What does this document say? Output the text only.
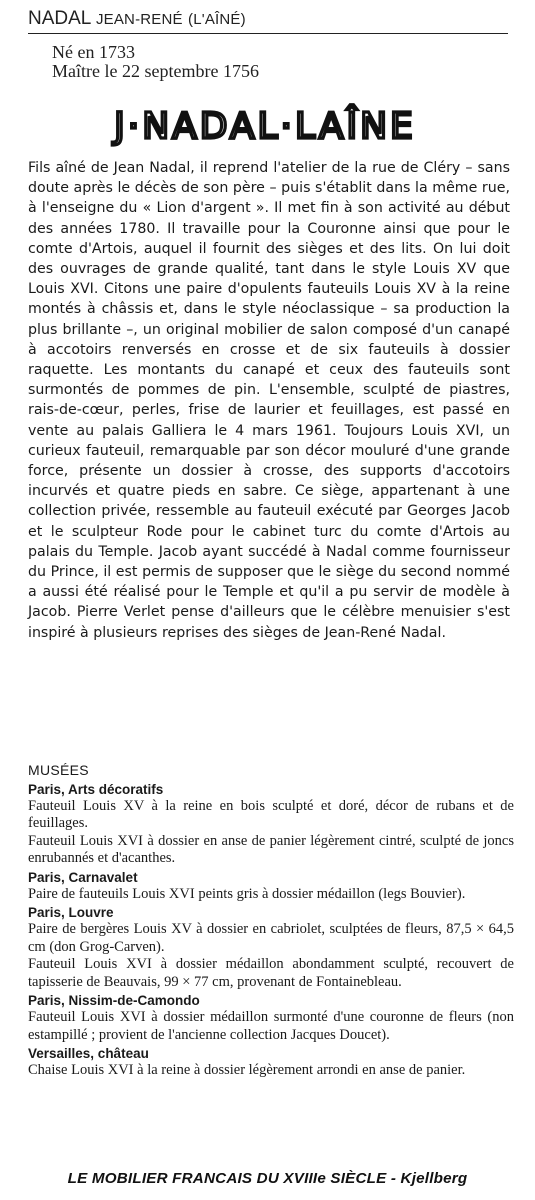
NADAL JEAN-RENÉ (L'AÎNÉ)
Né en 1733
Maître le 22 septembre 1756
J·NADAL·LAÎNE

Fils aîné de Jean Nadal, il reprend l'atelier de la rue de Cléry – sans doute après le décès de son père – puis s'établit dans la même rue, à l'enseigne du « Lion d'argent ». Il met fin à son activité au début des années 1780. Il travaille pour la Couronne ainsi que pour le comte d'Artois, auquel il fournit des sièges et des lits. On lui doit des ouvrages de grande qualité, tant dans le style Louis XV que Louis XVI. Citons une paire d'opulents fauteuils Louis XV à la reine montés à châssis et, dans le style néoclassique – sa production la plus brillante –, un original mobilier de salon composé d'un canapé à accotoirs renversés en crosse et de six fauteuils à dossier raquette. Les montants du canapé et ceux des fauteuils sont surmontés de pommes de pin. L'ensemble, sculpté de piastres, rais-de-cœur, perles, frise de laurier et feuillages, est passé en vente au palais Galliera le 4 mars 1961. Toujours Louis XVI, un curieux fauteuil, remarquable par son décor mouluré d'une grande force, présente un dossier à crosse, des supports d'accotoirs incurvés et quatre pieds en sabre. Ce siège, appartenant à une collection privée, ressemble au fauteuil exécuté par Georges Jacob et le sculpteur Rode pour le cabinet turc du comte d'Artois au palais du Temple. Jacob ayant succédé à Nadal comme fournisseur du Prince, il est permis de supposer que le siège du second nommé a aussi été réalisé pour le Temple et qu'il a pu servir de modèle à Jacob. Pierre Verlet pense d'ailleurs que le célèbre menuisier s'est inspiré à plusieurs reprises des sièges de Jean-René Nadal.

MUSÉES
Paris, Arts décoratifs
Fauteuil Louis XV à la reine en bois sculpté et doré, décor de rubans et de feuillages.
Fauteuil Louis XVI à dossier en anse de panier légèrement cintré, sculpté de joncs enrubannés et d'acanthes.
Paris, Carnavalet
Paire de fauteuils Louis XVI peints gris à dossier médaillon (legs Bouvier).
Paris, Louvre
Paire de bergères Louis XV à dossier en cabriolet, sculptées de fleurs, 87,5 × 64,5 cm (don Grog-Carven).
Fauteuil Louis XVI à dossier médaillon abondamment sculpté, recouvert de tapisserie de Beauvais, 99 × 77 cm, provenant de Fontainebleau.
Paris, Nissim-de-Camondo
Fauteuil Louis XVI à dossier médaillon surmonté d'une couronne de fleurs (non estampillé ; provient de l'ancienne collection Jacques Doucet).
Versailles, château
Chaise Louis XVI à la reine à dossier légèrement arrondi en anse de panier.
LE MOBILIER FRANCAIS DU XVIIIe SIÈCLE - Kjellberg
